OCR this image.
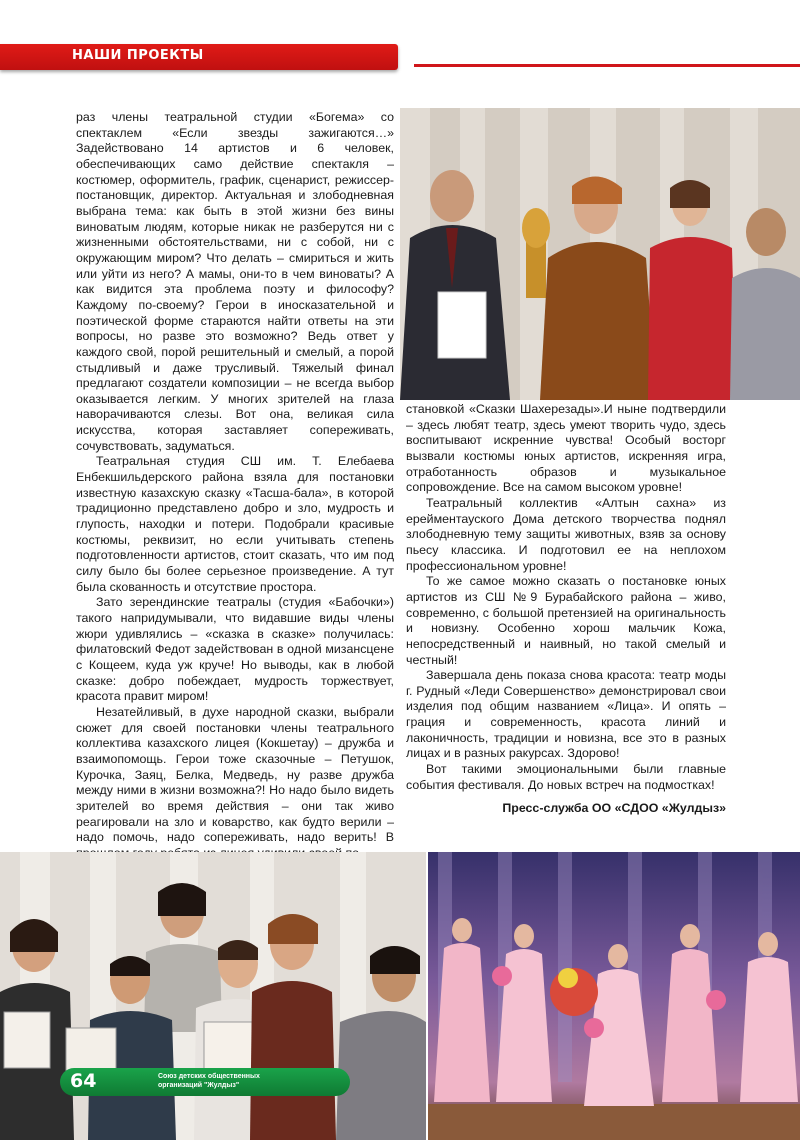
НАШИ ПРОЕКТЫ

раз члены театральной студии «Богема» со спектаклем «Если звезды зажигаются…» Задействовано 14 артистов и 6 человек, обеспечивающих само действие спектакля – костюмер, оформитель, график, сценарист, режиссер-постановщик, директор. Актуальная и злободневная выбрана тема: как быть в этой жизни без вины виноватым людям, которые никак не разберутся ни с жизненными обстоятельствами, ни с собой, ни с окружающим миром? Что делать – смириться и жить или уйти из него? А мамы, они-то в чем виноваты? А как видится эта проблема поэту и философу? Каждому по-своему? Герои в иносказательной и поэтической форме стараются найти ответы на эти вопросы, но разве это возможно? Ведь ответ у каждого свой, порой решительный и смелый, а порой стыдливый и даже трусливый. Тяжелый финал предлагают создатели композиции – не всегда выбор оказывается легким. У многих зрителей на глаза наворачиваются слезы. Вот она, великая сила искусства, которая заставляет сопереживать, сочувствовать, задуматься.

Театральная студия СШ им. Т. Елебаева Енбекшильдерского района взяла для постановки известную казахскую сказку «Тасша-бала», в которой традиционно представлено добро и зло, мудрость и глупость, находки и потери. Подобрали красивые костюмы, реквизит, но если учитывать степень подготовленности артистов, стоит сказать, что им под силу было бы более серьезное произведение. А тут была скованность и отсутствие простора.

Зато зерендинские театралы (студия «Бабочки») такого напридумывали, что видавшие виды члены жюри удивлялись – «сказка в сказке» получилась: филатовский Федот задействован в одной мизансцене с Кощеем, куда уж круче! Но выводы, как в любой сказке: добро побеждает, мудрость торжествует, красота правит миром!

Незатейливый, в духе народной сказки, выбрали сюжет для своей постановки члены театрального коллектива казахского лицея (Кокшетау) – дружба и взаимопомощь. Герои тоже сказочные – Петушок, Курочка, Заяц, Белка, Медведь, ну разве дружба между ними в жизни возможна?! Но надо было видеть зрителей во время действия – они так живо реагировали на зло и коварство, как будто верили – надо помочь, надо сопереживать, надо верить! В

становкой «Сказки Шахерезады».И ныне подтвердили – здесь любят театр, здесь умеют творить чудо, здесь воспитывают искренние чувства! Особый восторг вызвали костюмы юных артистов, искренняя игра, отработанность образов и музыкальное сопровождение. Все на самом высоком уровне!

Театральный коллектив «Алтын сахна» из ерейментауского Дома детского творчества поднял злободневную тему защиты животных, взяв за основу пьесу классика. И подготовил ее на неплохом профессиональном уровне!

То же самое можно сказать о постановке юных артистов из СШ №9 Бурабайского района – живо, современно, с большой претензией на оригинальность и новизну. Особенно хорош мальчик Кожа, непосредственный и наивный, но такой смелый и честный!

Завершала день показа снова красота: театр моды г. Рудный «Леди Совершенство» демонстрировал свои изделия под общим названием «Лица». И опять – грация и современность, красота линий и лаконичность, традиции и новизна, все это в разных лицах и в разных ракурсах. Здорово!

Вот такими эмоциональными были главные события фестиваля. До новых встреч на подмостках!

Пресс-служба ОО «СДОО «Жулдыз»

64	Союз детских общественных организаций "Жулдыз"
